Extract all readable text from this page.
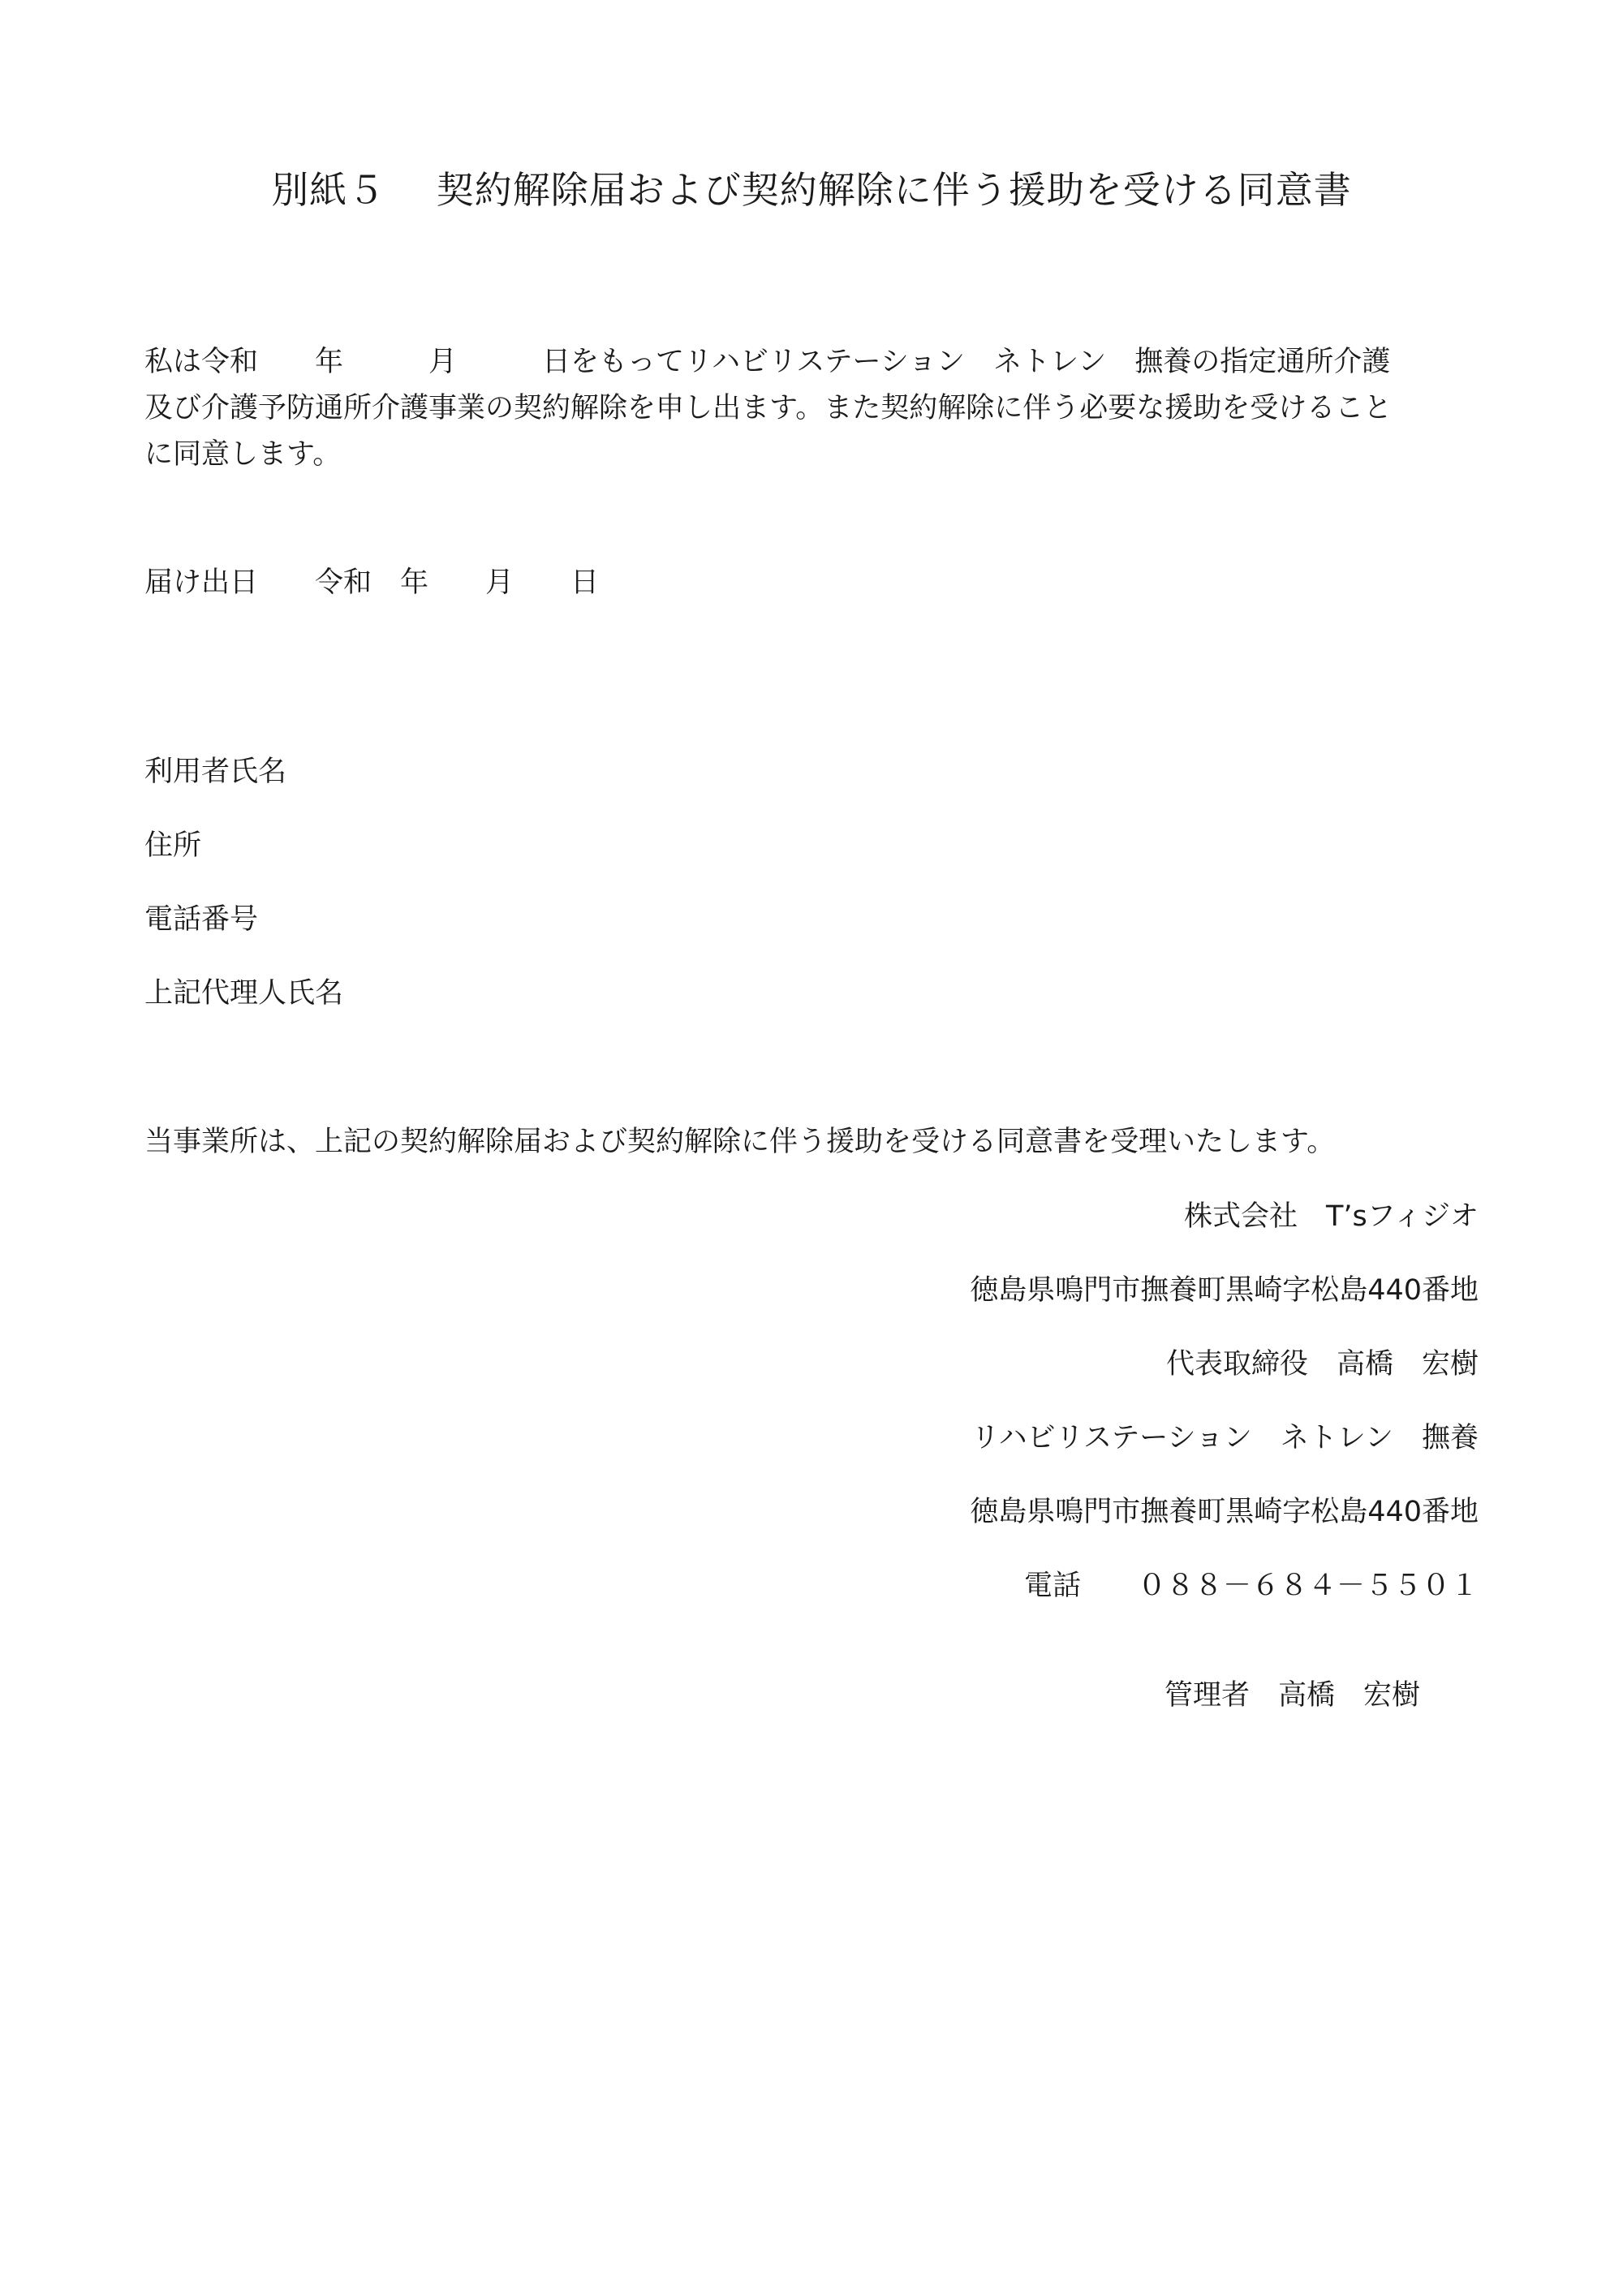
別紙５　 契約解除届および契約解除に伴う援助を受ける同意書
私は令和　　年　　　月　　　日をもってリハビリステーション　ネトレン　撫養の指定通所介護
及び介護予防通所介護事業の契約解除を申し出ます。また契約解除に伴う必要な援助を受けること
に同意します。
届け出日　　令和　年　　月　　日
利用者氏名
住所
電話番号
上記代理人氏名
当事業所は、上記の契約解除届および契約解除に伴う援助を受ける同意書を受理いたします。
株式会社　T’sフィジオ
徳島県鳴門市撫養町黒崎字松島440番地
代表取締役　高橋　宏樹
リハビリステーション　ネトレン　撫養
徳島県鳴門市撫養町黒崎字松島440番地
電話　　０８８－６８４－５５０１
管理者　高橋　宏樹
